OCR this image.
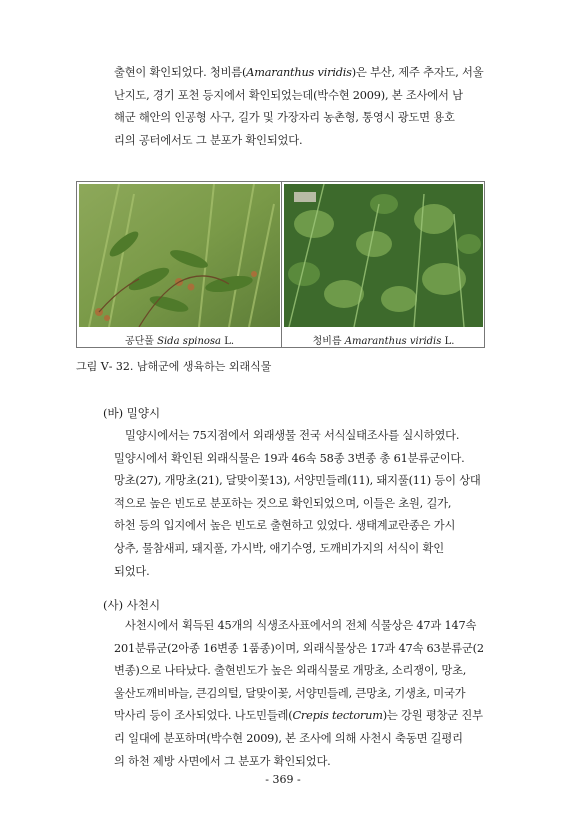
출현이 확인되었다. 청비름(Amaranthus viridis)은 부산, 제주 추자도, 서울
난지도, 경기 포천 등지에서 확인되었는데(박수현 2009), 본 조사에서 남
해군 해안의 인공형 사구, 길가 및 가장자리 농촌형, 통영시 광도면 용호
리의 공터에서도 그 분포가 확인되었다.
공단풀 Sida spinosa L.	청비름 Amaranthus viridis L.
그림 Ⅴ- 32. 남해군에 생육하는 외래식물
(바) 밀양시
밀양시에서는 75지점에서 외래생물 전국 서식실태조사를 실시하였다.
밀양시에서 확인된 외래식물은 19과 46속 58종 3변종 총 61분류군이다.
망초(27), 개망초(21), 달맞이꽃13), 서양민들레(11), 돼지풀(11) 등이 상대
적으로 높은 빈도로 분포하는 것으로 확인되었으며, 이들은 초원, 길가,
하천 등의 입지에서 높은 빈도로 출현하고 있었다. 생태계교란종은 가시
상추, 물참새피, 돼지풀, 가시박, 애기수영, 도깨비가지의 서식이 확인
되었다.
(사) 사천시
사천시에서 획득된 45개의 식생조사표에서의 전체 식물상은 47과 147속
201분류군(2아종 16변종 1품종)이며, 외래식물상은 17과 47속 63분류군(2
변종)으로 나타났다. 출현빈도가 높은 외래식물로 개망초, 소리쟁이, 망초,
울산도깨비바늘, 큰김의털, 달맞이꽃, 서양민들레, 큰망초, 기생초, 미국가
막사리 등이 조사되었다. 나도민들레(Crepis tectorum)는 강원 평창군 진부
리 일대에 분포하며(박수현 2009), 본 조사에 의해 사천시 축동면 길평리
의 하천 제방 사면에서 그 분포가 확인되었다.
- 369 -
